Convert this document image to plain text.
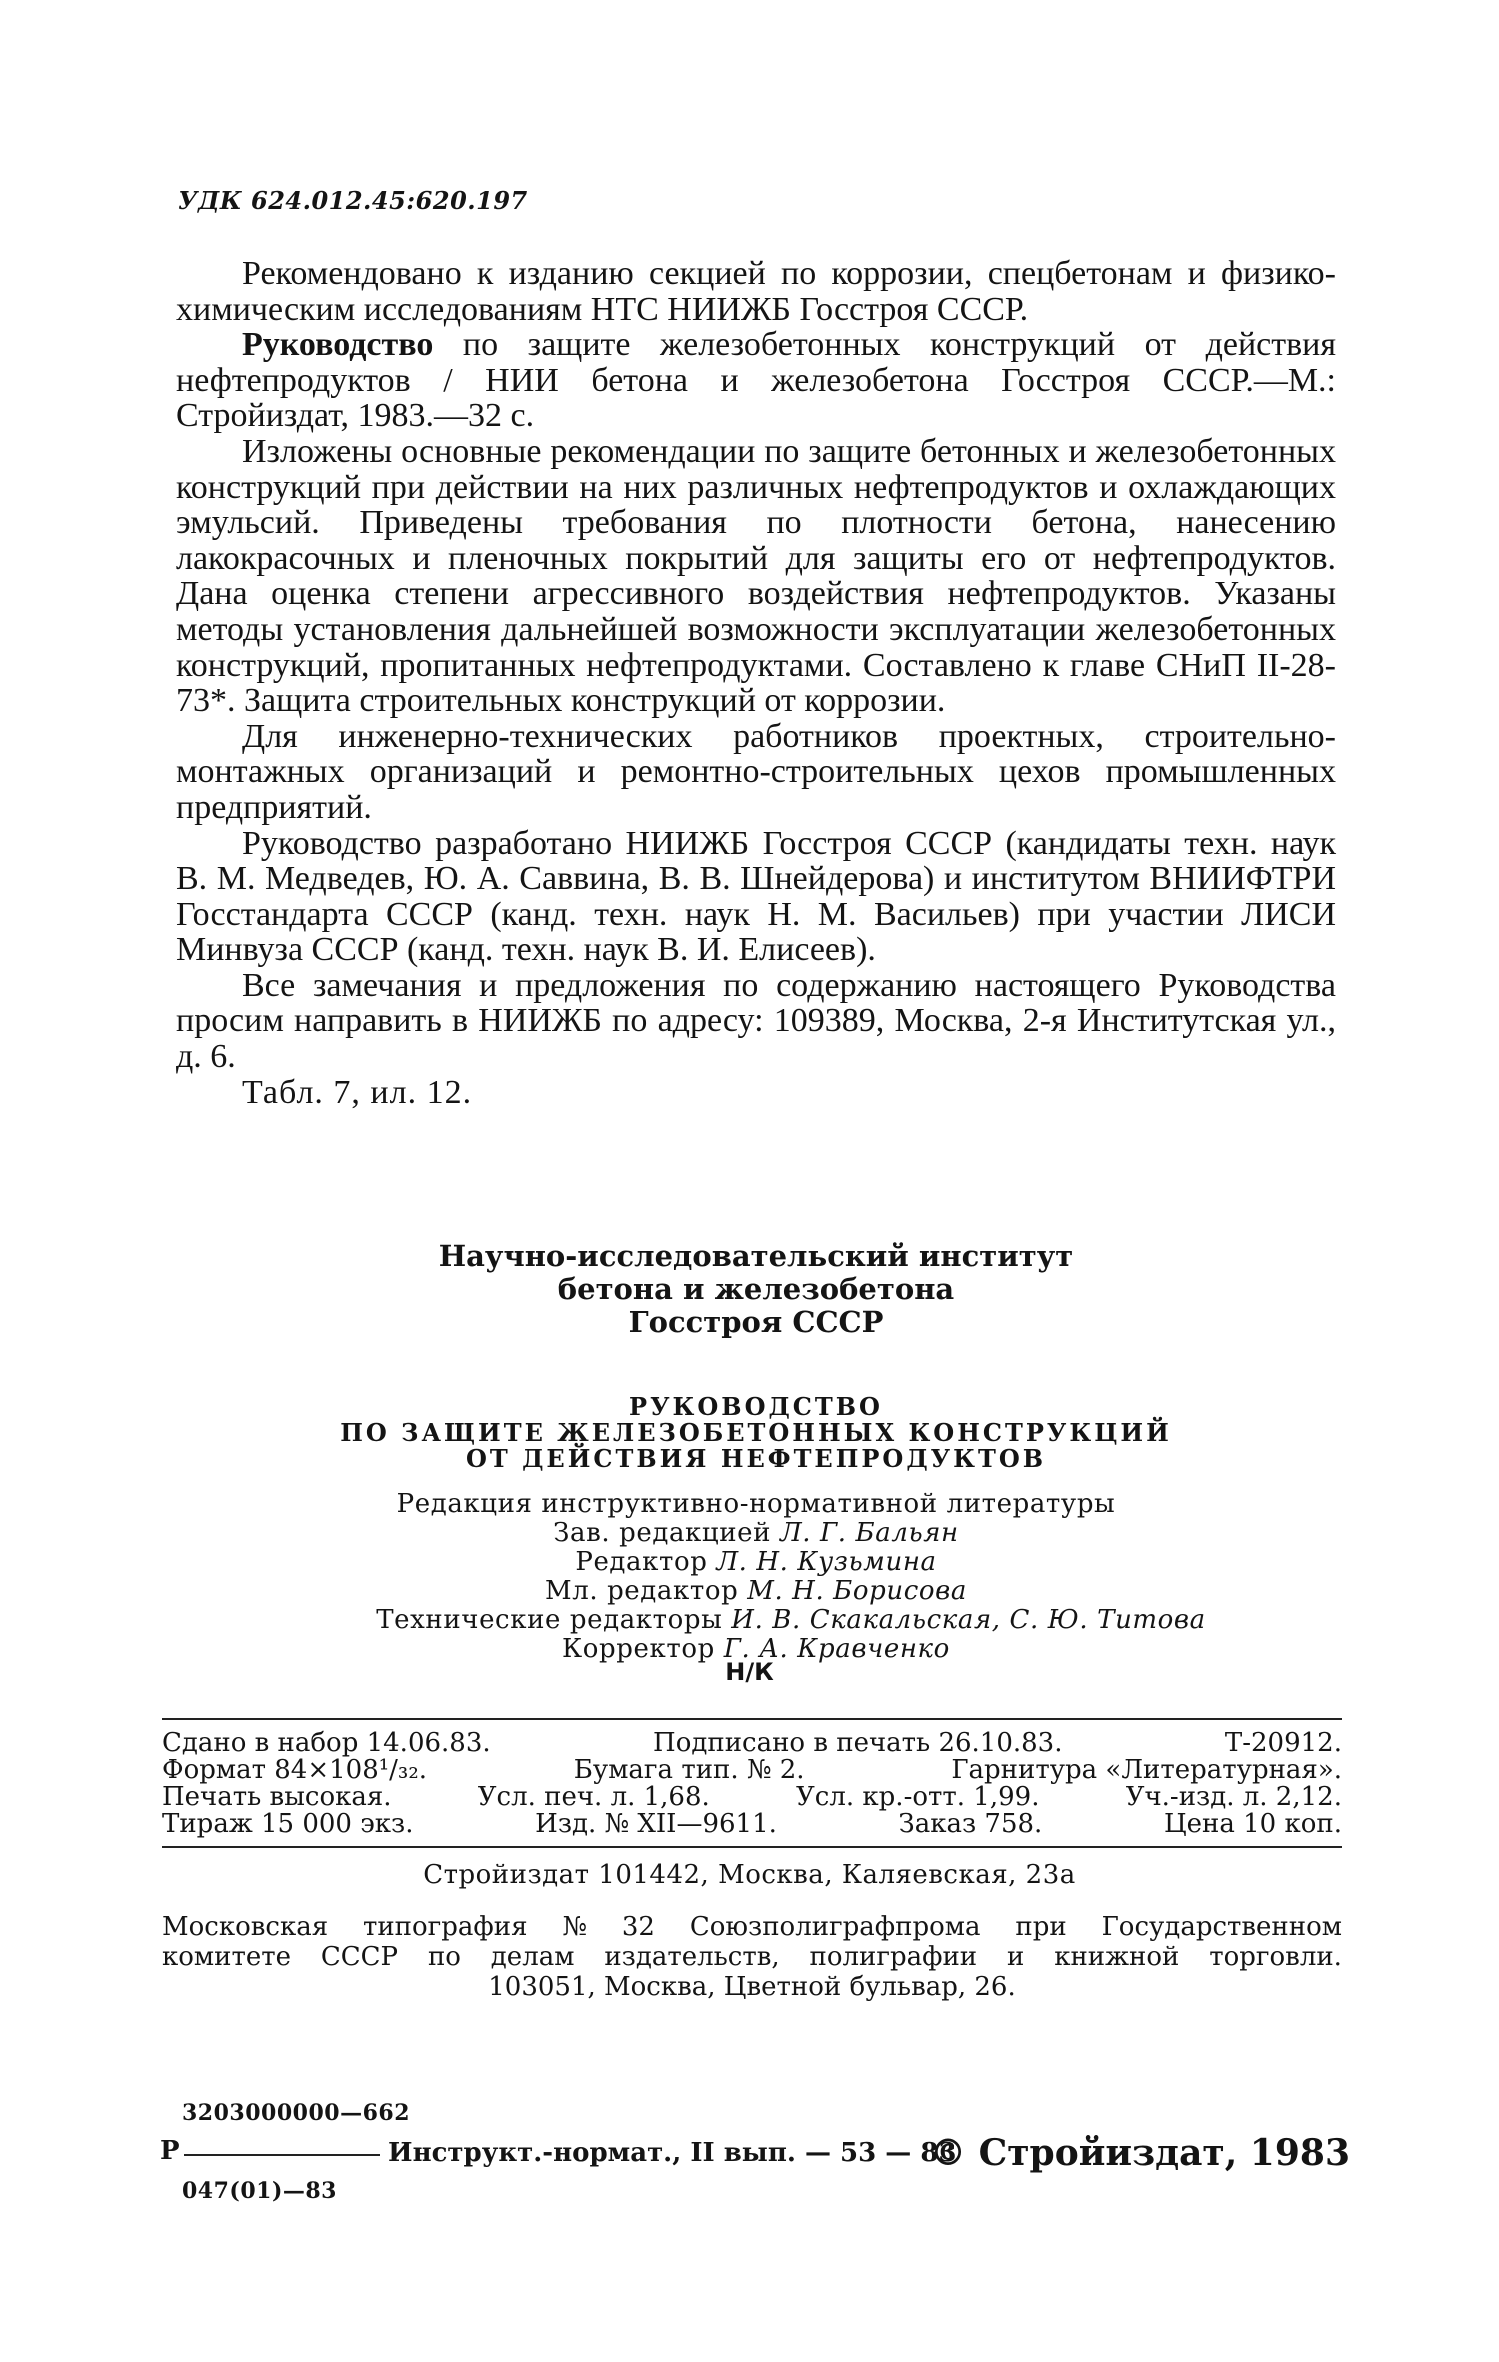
УДК 624.012.45:620.197

Рекомендовано к изданию секцией по коррозии, спецбетонам и физико-химическим исследованиям НТС НИИЖБ Госстроя СССР.

Руководство по защите железобетонных конструкций от действия нефтепродуктов / НИИ бетона и железобетона Госстроя СССР.—М.: Стройиздат, 1983.—32 с.

Изложены основные рекомендации по защите бетонных и железобетонных конструкций при действии на них различных нефтепродуктов и охлаждающих эмульсий. Приведены требования по плотности бетона, нанесению лакокрасочных и пленочных покрытий для защиты его от нефтепродуктов. Дана оценка степени агрессивного воздействия нефтепродуктов. Указаны методы установления дальнейшей возможности эксплуатации железобетонных конструкций, пропитанных нефтепродуктами. Составлено к главе СНиП II-28-73*. Защита строительных конструкций от коррозии.

Для инженерно-технических работников проектных, строительно-монтажных организаций и ремонтно-строительных цехов промышленных предприятий.

Руководство разработано НИИЖБ Госстроя СССР (кандидаты техн. наук В. М. Медведев, Ю. А. Саввина, В. В. Шнейдерова) и институтом ВНИИФТРИ Госстандарта СССР (канд. техн. наук Н. М. Васильев) при участии ЛИСИ Минвуза СССР (канд. техн. наук В. И. Елисеев).

Все замечания и предложения по содержанию настоящего Руководства просим направить в НИИЖБ по адресу: 109389, Москва, 2-я Институтская ул., д. 6.

Табл. 7, ил. 12.

Научно-исследовательский институт
бетона и железобетона
Госстроя СССР
РУКОВОДСТВО
ПО ЗАЩИТЕ ЖЕЛЕЗОБЕТОННЫХ КОНСТРУКЦИЙ
ОТ ДЕЙСТВИЯ НЕФТЕПРОДУКТОВ
Редакция инструктивно-нормативной литературы
Зав. редакцией Л. Г. Бальян
Редактор Л. Н. Кузьмина
Мл. редактор М. Н. Борисова
Технические редакторы И. В. Скакальская, С. Ю. Титова
Корректор Г. А. Кравченко
Н/К
Сдано в набор 14.06.83.	Подписано в печать 26.10.83.	Т-20912.
Формат 84×108¹/₃₂.	Бумага тип. № 2.	Гарнитура «Литературная».
Печать высокая.	Усл. печ. л. 1,68.	Усл. кр.-отт. 1,99.	Уч.-изд. л. 2,12.
Тираж 15 000 экз.	Изд. № XII—9611.	Заказ 758.	Цена 10 коп.
Стройиздат 101442, Москва, Каляевская, 23а
Московская типография № 32 Союзполиграфпрома при Государственном
комитете СССР по делам издательств, полиграфии и книжной торговли.
103051, Москва, Цветной бульвар, 26.
3203000000—662
Р
047(01)—83
Инструкт.-нормат., II вып. — 53 — 83
© Стройиздат, 1983
